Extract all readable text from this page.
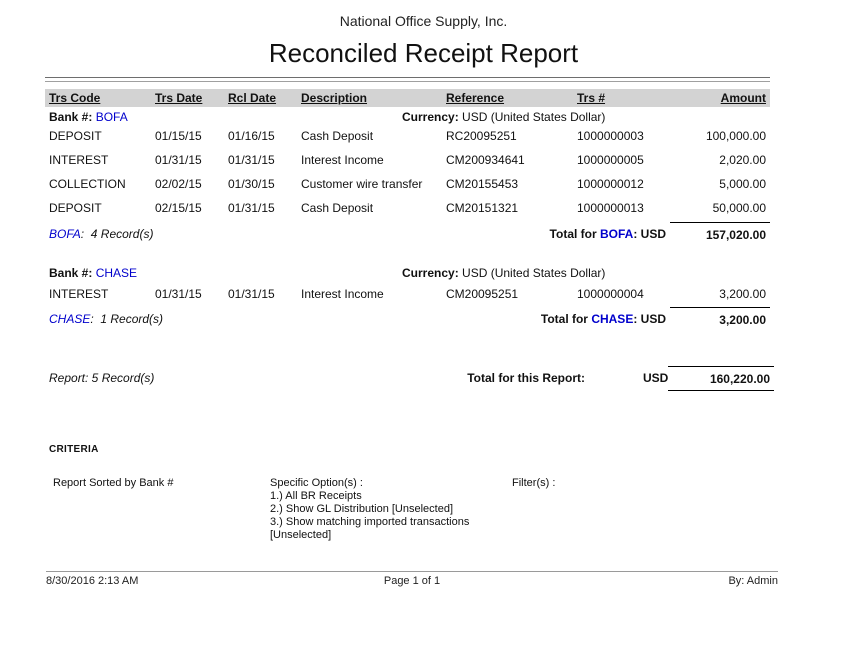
National Office Supply, Inc.
Reconciled Receipt Report
Trs Code	Trs Date	Rcl Date	Description	Reference	Trs #	Amount
Bank #: BOFA	Currency: USD (United States Dollar)
DEPOSIT	01/15/15	01/16/15	Cash Deposit	RC20095251	1000000003	100,000.00
INTEREST	01/31/15	01/31/15	Interest Income	CM200934641	1000000005	2,020.00
COLLECTION	02/02/15	01/30/15	Customer wire transfer	CM20155453	1000000012	5,000.00
DEPOSIT	02/15/15	01/31/15	Cash Deposit	CM20151321	1000000013	50,000.00
BOFA:  4 Record(s)	Total for BOFA: USD	157,020.00
Bank #: CHASE	Currency: USD (United States Dollar)
INTEREST	01/31/15	01/31/15	Interest Income	CM20095251	1000000004	3,200.00
CHASE:  1 Record(s)	Total for CHASE: USD	3,200.00
Report: 5 Record(s)	Total for this Report:	USD	160,220.00
CRITERIA
Report Sorted by Bank #	Specific Option(s) :
1.) All BR Receipts
2.) Show GL Distribution [Unselected]
3.) Show matching imported transactions
[Unselected]
Filter(s) :
8/30/2016 2:13 AM	Page 1 of 1	By: Admin
